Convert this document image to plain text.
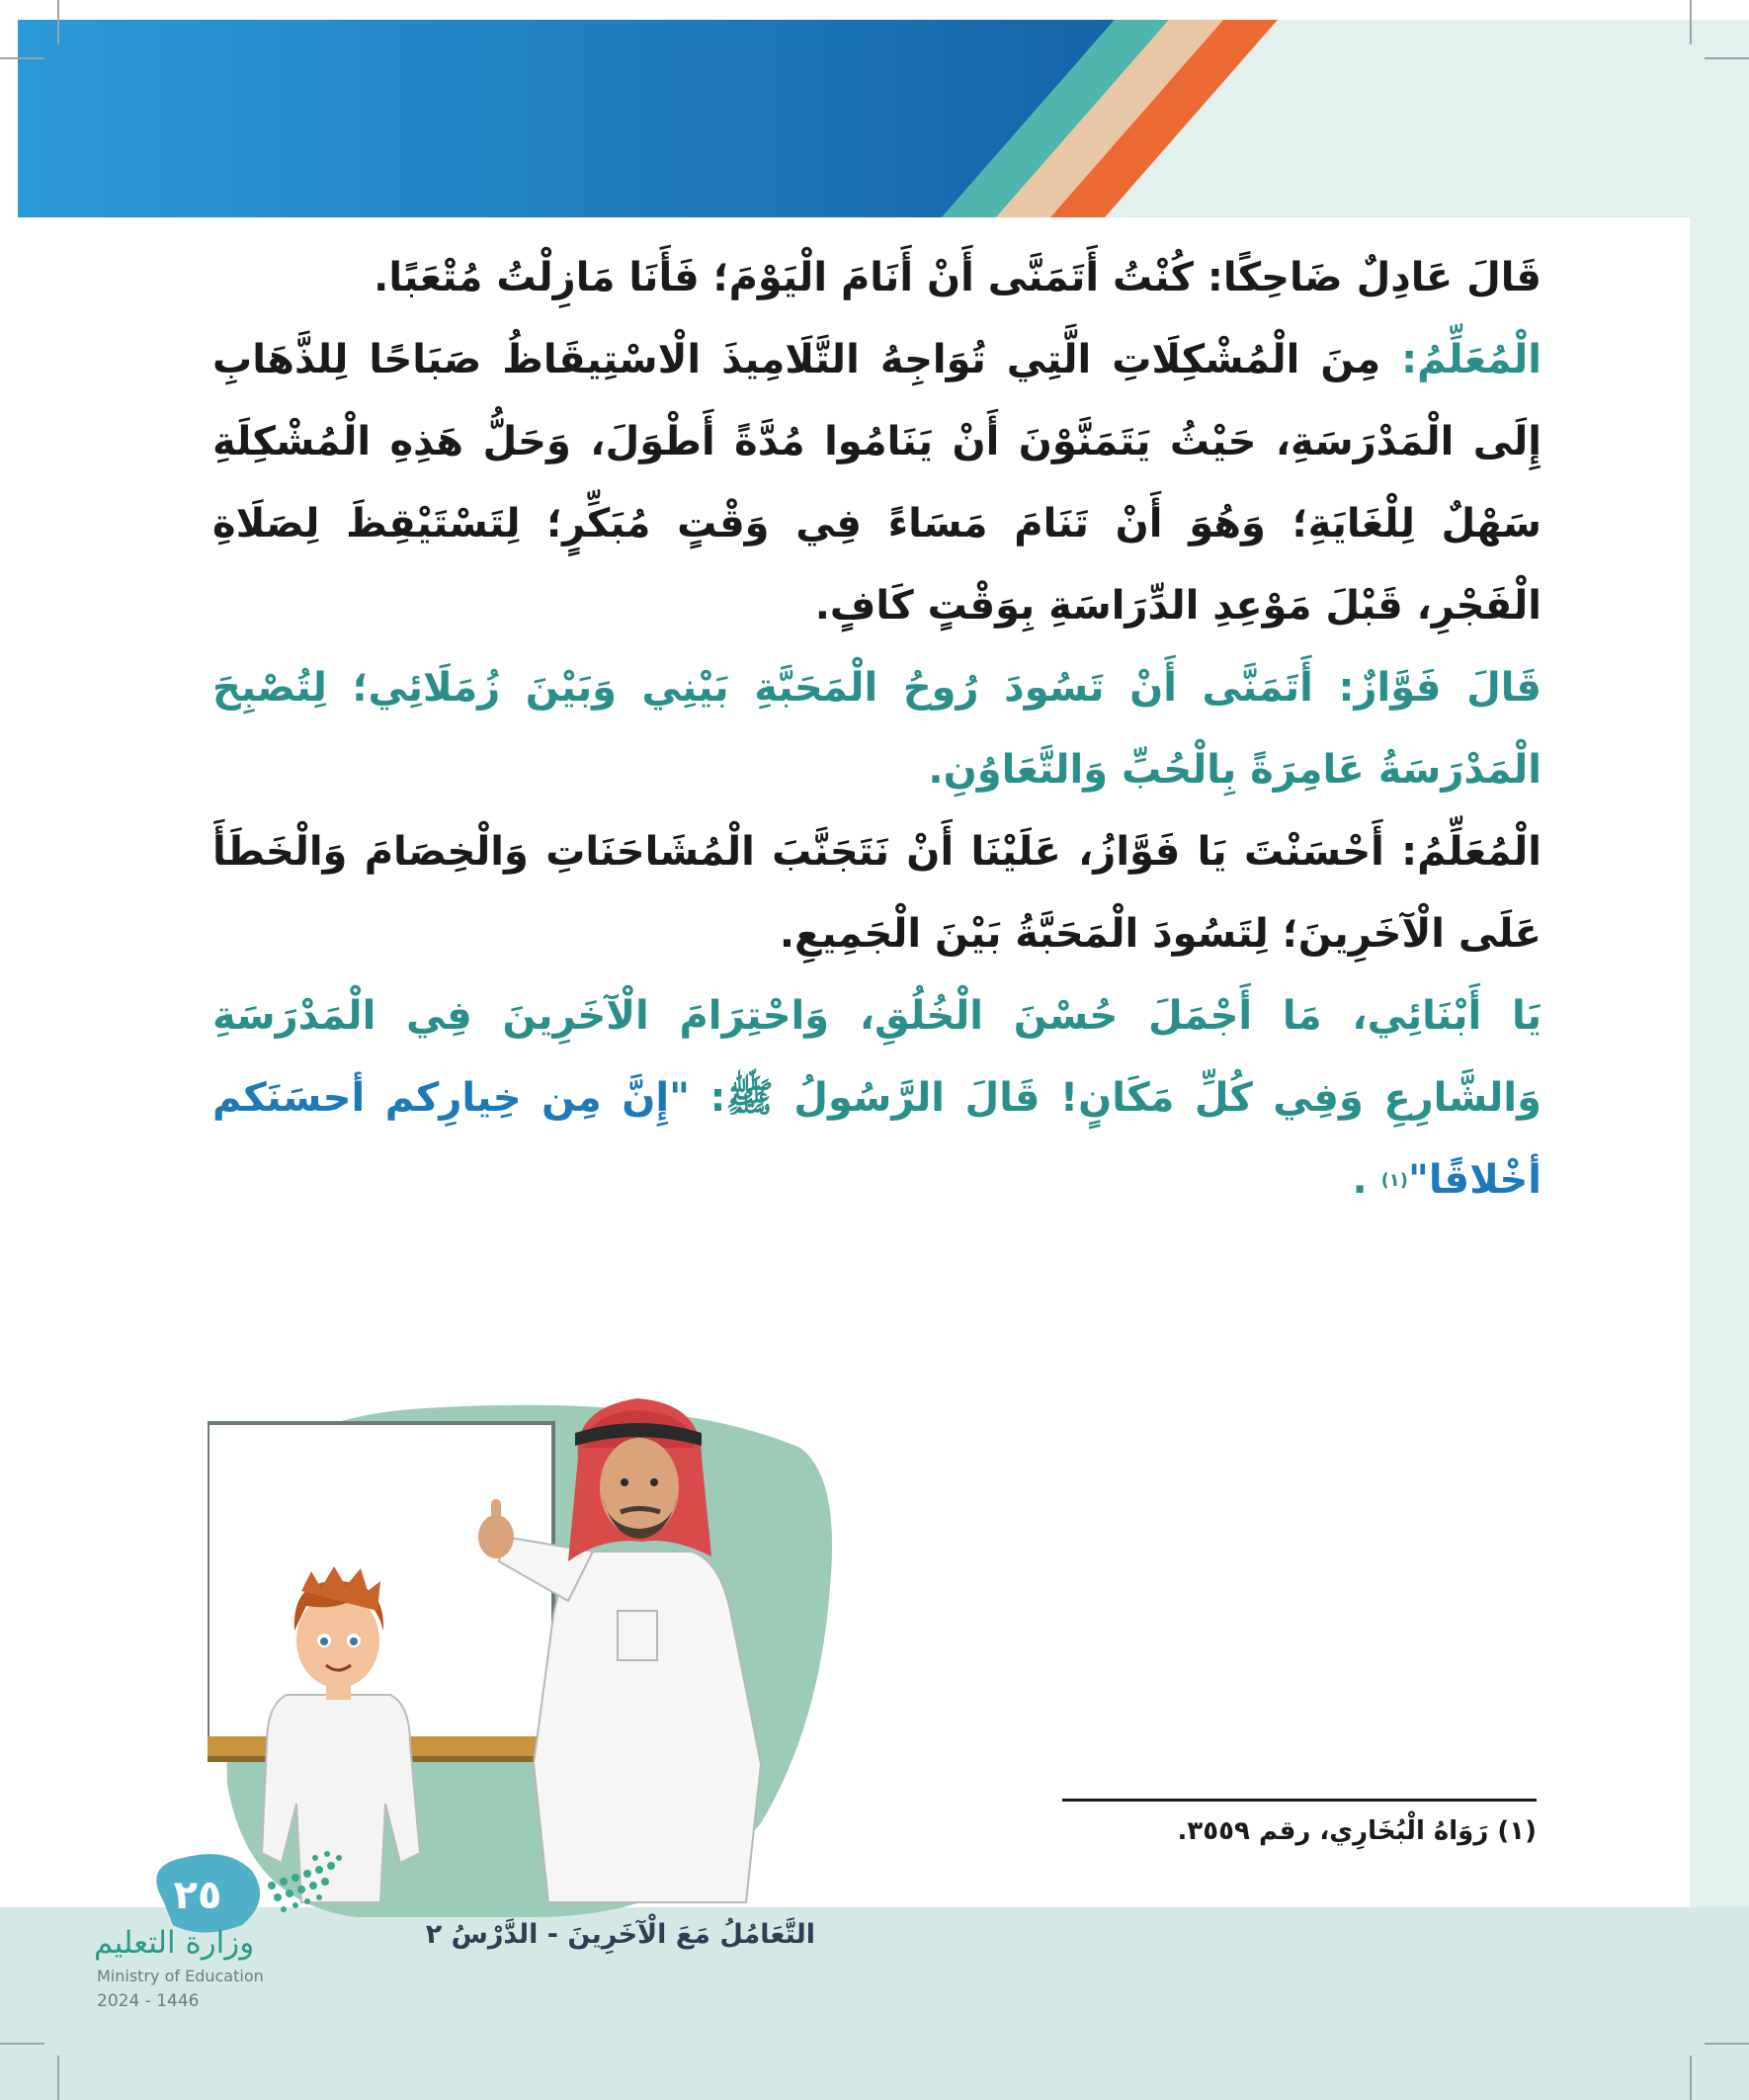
قَالَ عَادِلٌ ضَاحِكًا: كُنْتُ أَتَمَنَّى أَنْ أَنَامَ الْيَوْمَ؛ فَأَنَا مَازِلْتُ مُتْعَبًا.

الْمُعَلِّمُ: مِنَ الْمُشْكِلَاتِ الَّتِي تُوَاجِهُ التَّلَامِيذَ الْاسْتِيقَاظُ صَبَاحًا لِلذَّهَابِ إِلَى الْمَدْرَسَةِ، حَيْثُ يَتَمَنَّوْنَ أَنْ يَنَامُوا مُدَّةً أَطْوَلَ، وَحَلُّ هَذِهِ الْمُشْكِلَةِ سَهْلٌ لِلْغَايَةِ؛ وَهُوَ أَنْ تَنَامَ مَسَاءً فِي وَقْتٍ مُبَكِّرٍ؛ لِتَسْتَيْقِظَ لِصَلَاةِ الْفَجْرِ، قَبْلَ مَوْعِدِ الدِّرَاسَةِ بِوَقْتٍ كَافٍ.

قَالَ فَوَّازٌ: أَتَمَنَّى أَنْ تَسُودَ رُوحُ الْمَحَبَّةِ بَيْنِي وَبَيْنَ زُمَلَائِي؛ لِتُصْبِحَ الْمَدْرَسَةُ عَامِرَةً بِالْحُبِّ وَالتَّعَاوُنِ.

الْمُعَلِّمُ: أَحْسَنْتَ يَا فَوَّازُ، عَلَيْنَا أَنْ نَتَجَنَّبَ الْمُشَاحَنَاتِ وَالْخِصَامَ وَالْخَطَأَ عَلَى الْآخَرِينَ؛ لِتَسُودَ الْمَحَبَّةُ بَيْنَ الْجَمِيعِ.

يَا أَبْنَائِي، مَا أَجْمَلَ حُسْنَ الْخُلُقِ، وَاحْتِرَامَ الْآخَرِينَ فِي الْمَدْرَسَةِ وَالشَّارِعِ وَفِي كُلِّ مَكَانٍ! قَالَ الرَّسُولُ ﷺ: "إِنَّ مِن خِيارِكم أحسَنَكم أخْلاقًا"$^{(١)}$ .

(١) رَوَاهُ الْبُخَارِي، رقم ٣٥٥٩.
التَّعَامُلُ مَعَ الْآخَرِينَ - الدَّرْسُ ٢
٢٥
وزارة التعليم
Ministry of Education
2024 - 1446
